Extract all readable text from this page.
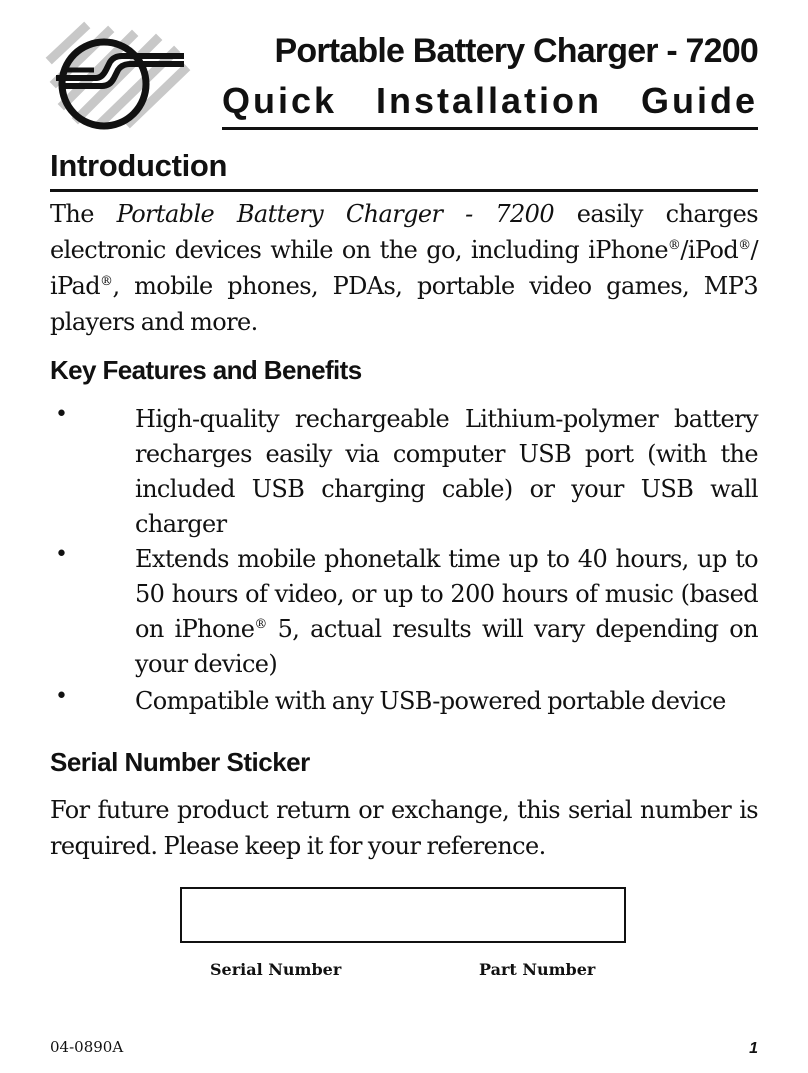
Portable Battery Charger - 7200
Quick Installation Guide
Introduction
The Portable Battery Charger - 7200 easily charges electronic devices while on the go, including iPhone®/iPod®/ iPad®, mobile phones, PDAs, portable video games, MP3 players and more.
Key Features and Benefits
•	High-quality rechargeable Lithium-polymer battery recharges easily via computer USB port (with the included USB charging cable) or your USB wall charger
•	Extends mobile phonetalk time up to 40 hours, up to 50 hours of video, or up to 200 hours of music (based on iPhone® 5, actual results will vary depending on your device)
•	Compatible with any USB-powered portable device
Serial Number Sticker
For future product return or exchange, this serial number is required. Please keep it for your reference.
Serial Number	Part Number
04-0890A	1
